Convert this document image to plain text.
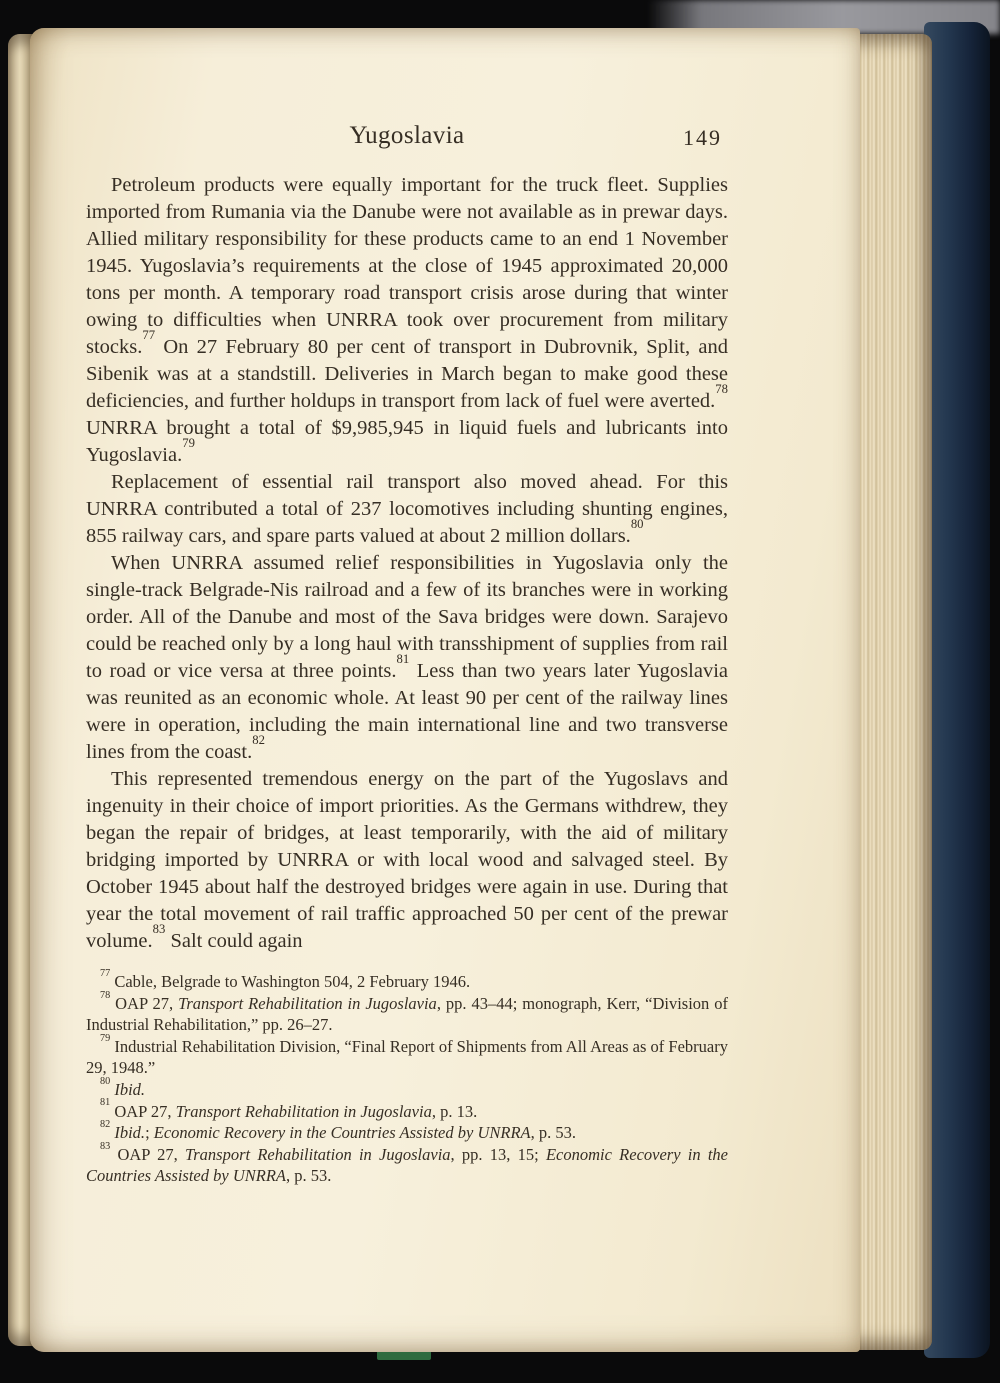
Yugoslavia	149

Petroleum products were equally important for the truck fleet. Supplies imported from Rumania via the Danube were not available as in prewar days. Allied military responsibility for these products came to an end 1 November 1945. Yugoslavia’s requirements at the close of 1945 approximated 20,000 tons per month. A temporary road transport crisis arose during that winter owing to difficulties when UNRRA took over procurement from military stocks.$^{77}$ On 27 February 80 per cent of transport in Dubrovnik, Split, and Sibenik was at a standstill. Deliveries in March began to make good these deficiencies, and further holdups in transport from lack of fuel were averted.$^{78}$ UNRRA brought a total of $9,985,945 in liquid fuels and lubricants into Yugoslavia.$^{79}$

Replacement of essential rail transport also moved ahead. For this UNRRA contributed a total of 237 locomotives including shunting engines, 855 railway cars, and spare parts valued at about 2 million dollars.$^{80}$

When UNRRA assumed relief responsibilities in Yugoslavia only the single-track Belgrade-Nis railroad and a few of its branches were in working order. All of the Danube and most of the Sava bridges were down. Sarajevo could be reached only by a long haul with transshipment of supplies from rail to road or vice versa at three points.$^{81}$ Less than two years later Yugoslavia was reunited as an economic whole. At least 90 per cent of the railway lines were in operation, including the main international line and two transverse lines from the coast.$^{82}$

This represented tremendous energy on the part of the Yugoslavs and ingenuity in their choice of import priorities. As the Germans withdrew, they began the repair of bridges, at least temporarily, with the aid of military bridging imported by UNRRA or with local wood and salvaged steel. By October 1945 about half the destroyed bridges were again in use. During that year the total movement of rail traffic approached 50 per cent of the prewar volume.$^{83}$ Salt could again

$^{77}$ Cable, Belgrade to Washington 504, 2 February 1946.

$^{78}$ OAP 27, Transport Rehabilitation in Jugoslavia, pp. 43–44; monograph, Kerr, “Division of Industrial Rehabilitation,” pp. 26–27.

$^{79}$ Industrial Rehabilitation Division, “Final Report of Shipments from All Areas as of February 29, 1948.”

$^{80}$ Ibid.

$^{81}$ OAP 27, Transport Rehabilitation in Jugoslavia, p. 13.

$^{82}$ Ibid.; Economic Recovery in the Countries Assisted by UNRRA, p. 53.

$^{83}$ OAP 27, Transport Rehabilitation in Jugoslavia, pp. 13, 15; Economic Recovery in the Countries Assisted by UNRRA, p. 53.
